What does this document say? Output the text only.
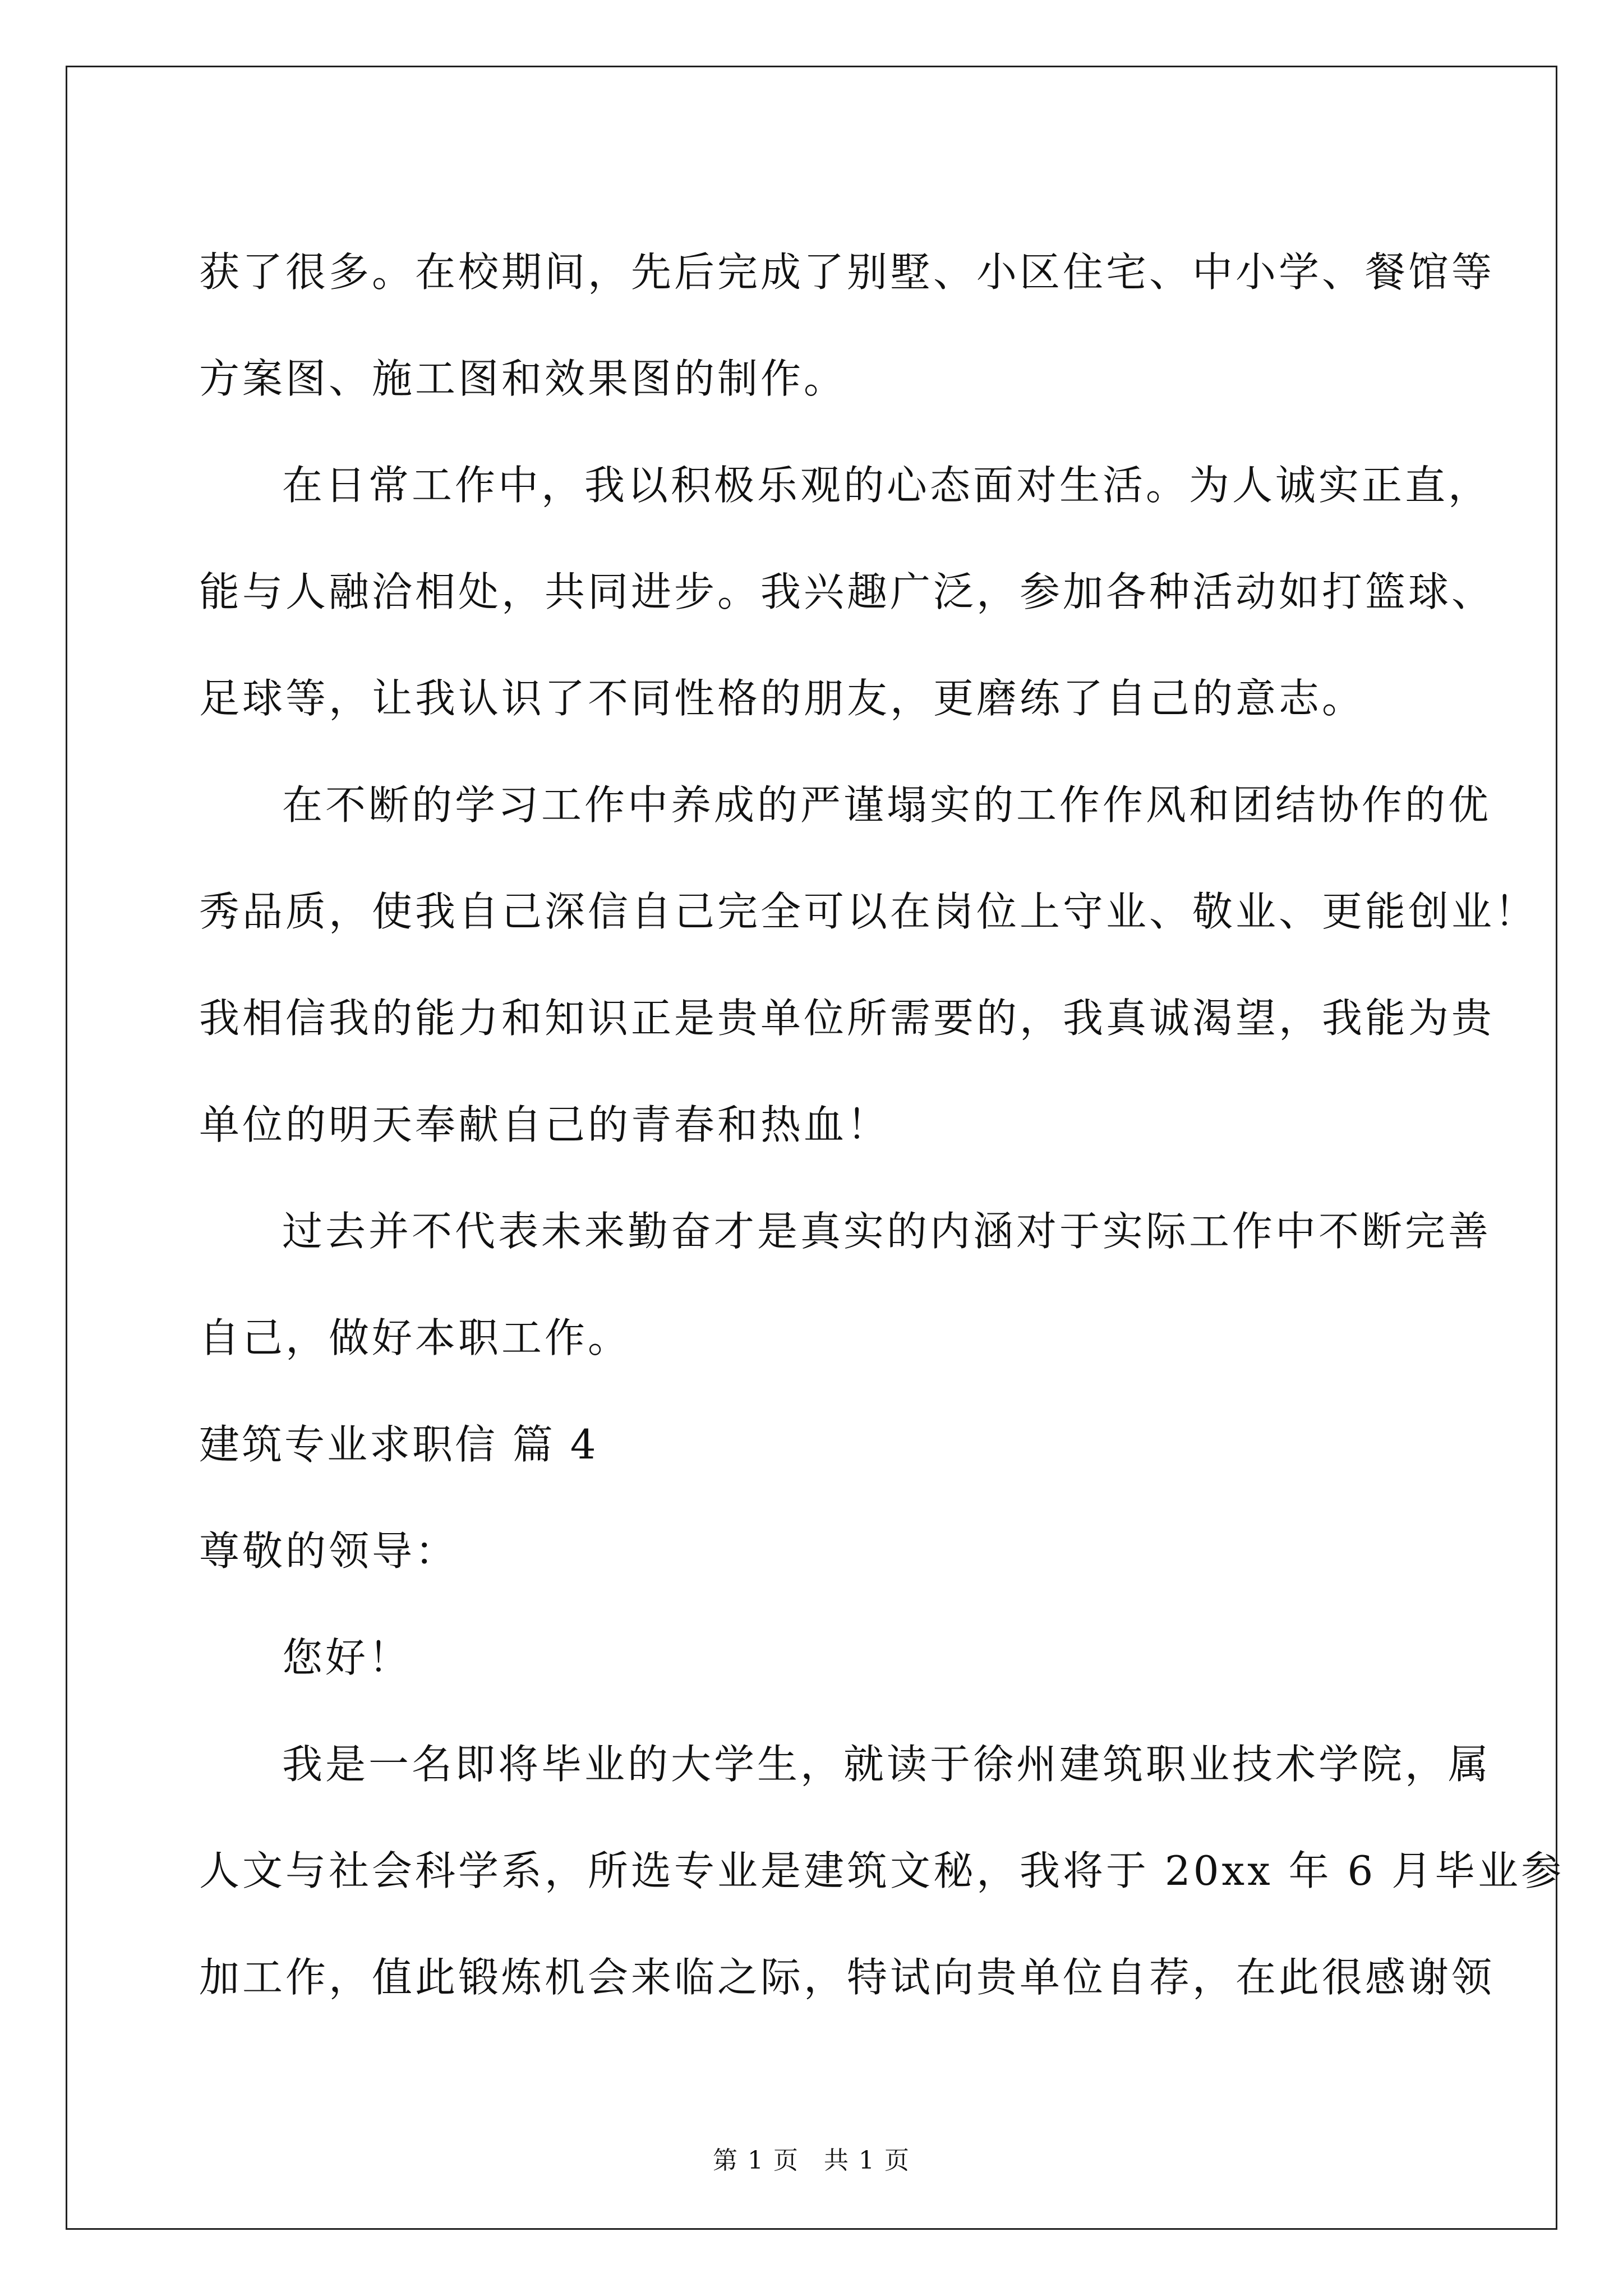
获了很多。在校期间，先后完成了别墅、小区住宅、中小学、餐馆等
方案图、施工图和效果图的制作。
在日常工作中，我以积极乐观的心态面对生活。为人诚实正直，
能与人融洽相处，共同进步。我兴趣广泛，参加各种活动如打篮球、
足球等，让我认识了不同性格的朋友，更磨练了自己的意志。
在不断的学习工作中养成的严谨塌实的工作作风和团结协作的优
秀品质，使我自己深信自己完全可以在岗位上守业、敬业、更能创业！
我相信我的能力和知识正是贵单位所需要的，我真诚渴望，我能为贵
单位的明天奉献自己的青春和热血！
过去并不代表未来勤奋才是真实的内涵对于实际工作中不断完善
自己，做好本职工作。
建筑专业求职信 篇 4
尊敬的领导：
您好！
我是一名即将毕业的大学生，就读于徐州建筑职业技术学院，属
人文与社会科学系，所选专业是建筑文秘，我将于 20xx 年 6 月毕业参
加工作，值此锻炼机会来临之际，特试向贵单位自荐，在此很感谢领
第 1 页 共 1 页
